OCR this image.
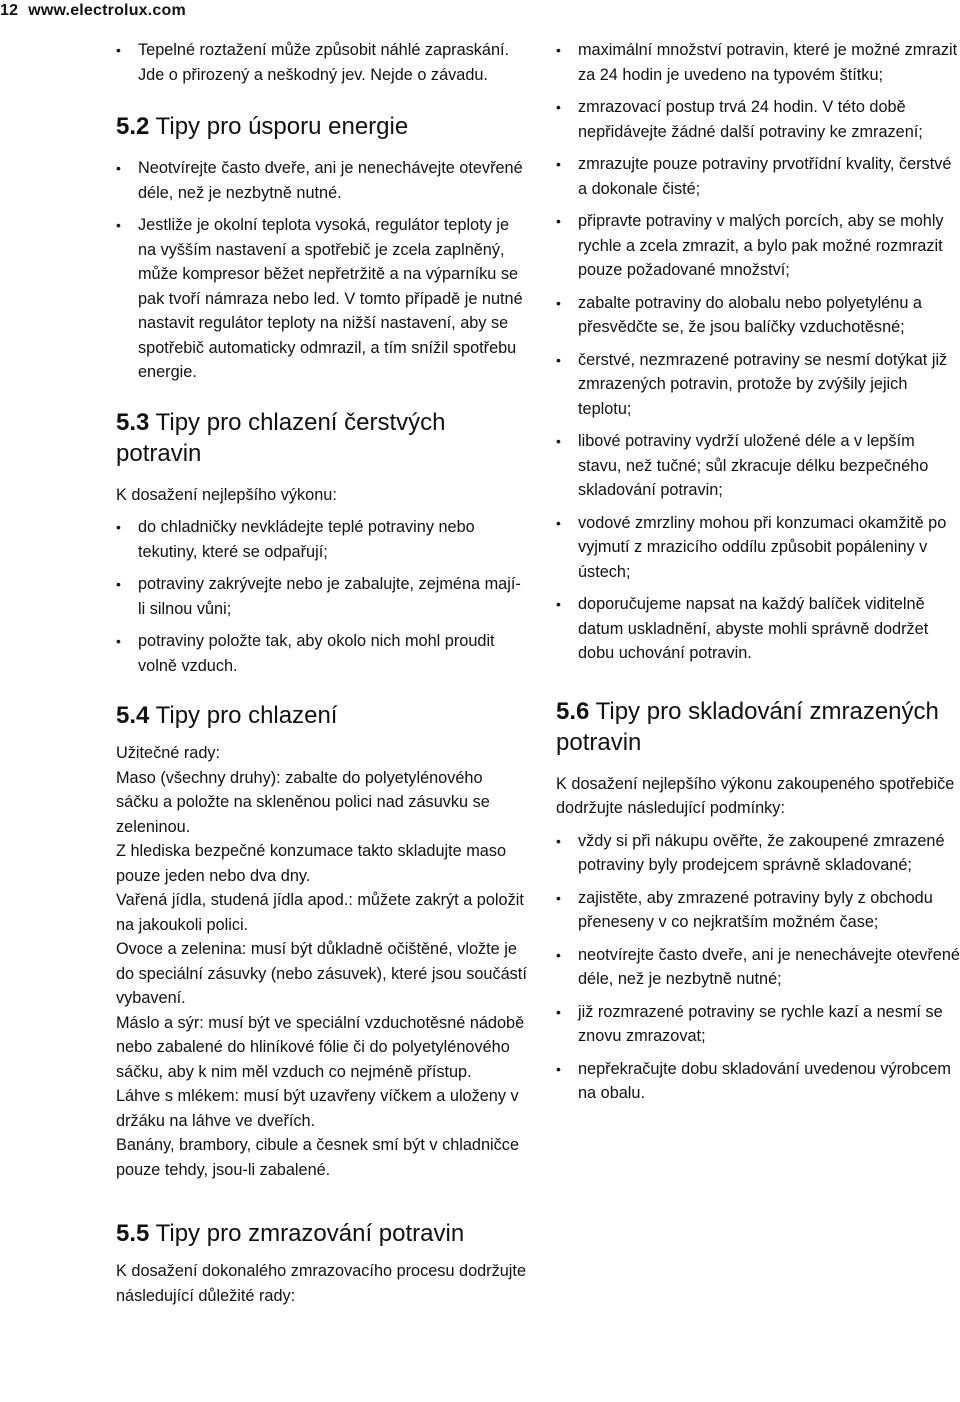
12 www.electrolux.com
•	Tepelné roztažení může způsobit náhlé zapraskání. Jde o přirozený a neškodný jev. Nejde o závadu.
5.2 Tipy pro úsporu energie
•	Neotvírejte často dveře, ani je nenechávejte otevřené déle, než je nezbytně nutné.
•	Jestliže je okolní teplota vysoká, regulátor teploty je na vyšším nastavení a spotřebič je zcela zaplněný, může kompresor běžet nepřetržitě a na výparníku se pak tvoří námraza nebo led. V tomto případě je nutné nastavit regulátor teploty na nižší nastavení, aby se spotřebič automaticky odmrazil, a tím snížil spotřebu energie.
5.3 Tipy pro chlazení čerstvých potravin

K dosažení nejlepšího výkonu:

•	do chladničky nevkládejte teplé potraviny nebo tekutiny, které se odpařují;
•	potraviny zakrývejte nebo je zabalujte, zejména mají-li silnou vůni;
•	potraviny položte tak, aby okolo nich mohl proudit volně vzduch.
5.4 Tipy pro chlazení

Užitečné rady:

Maso (všechny druhy): zabalte do polyetylénového sáčku a položte na skleněnou polici nad zásuvku se zeleninou.

Z hlediska bezpečné konzumace takto skladujte maso pouze jeden nebo dva dny.

Vařená jídla, studená jídla apod.: můžete zakrýt a položit na jakoukoli polici.

Ovoce a zelenina: musí být důkladně očištěné, vložte je do speciální zásuvky (nebo zásuvek), které jsou součástí vybavení.

Máslo a sýr: musí být ve speciální vzduchotěsné nádobě nebo zabalené do hliníkové fólie či do polyetylénového sáčku, aby k nim měl vzduch co nejméně přístup.

Láhve s mlékem: musí být uzavřeny víčkem a uloženy v držáku na láhve ve dveřích.

Banány, brambory, cibule a česnek smí být v chladničce pouze tehdy, jsou-li zabalené.

5.5 Tipy pro zmrazování potravin

K dosažení dokonalého zmrazovacího procesu dodržujte následující důležité rady:

•	maximální množství potravin, které je možné zmrazit za 24 hodin je uvedeno na typovém štítku;
•	zmrazovací postup trvá 24 hodin. V této době nepřidávejte žádné další potraviny ke zmrazení;
•	zmrazujte pouze potraviny prvotřídní kvality, čerstvé a dokonale čisté;
•	připravte potraviny v malých porcích, aby se mohly rychle a zcela zmrazit, a bylo pak možné rozmrazit pouze požadované množství;
•	zabalte potraviny do alobalu nebo polyetylénu a přesvědčte se, že jsou balíčky vzduchotěsné;
•	čerstvé, nezmrazené potraviny se nesmí dotýkat již zmrazených potravin, protože by zvýšily jejich teplotu;
•	libové potraviny vydrží uložené déle a v lepším stavu, než tučné; sůl zkracuje délku bezpečného skladování potravin;
•	vodové zmrzliny mohou při konzumaci okamžitě po vyjmutí z mrazicího oddílu způsobit popáleniny v ústech;
•	doporučujeme napsat na každý balíček viditelně datum uskladnění, abyste mohli správně dodržet dobu uchování potravin.
5.6 Tipy pro skladování zmrazených potravin

K dosažení nejlepšího výkonu zakoupeného spotřebiče dodržujte následující podmínky:

•	vždy si při nákupu ověřte, že zakoupené zmrazené potraviny byly prodejcem správně skladované;
•	zajistěte, aby zmrazené potraviny byly z obchodu přeneseny v co nejkratším možném čase;
•	neotvírejte často dveře, ani je nenechávejte otevřené déle, než je nezbytně nutné;
•	již rozmrazené potraviny se rychle kazí a nesmí se znovu zmrazovat;
•	nepřekračujte dobu skladování uvedenou výrobcem na obalu.
